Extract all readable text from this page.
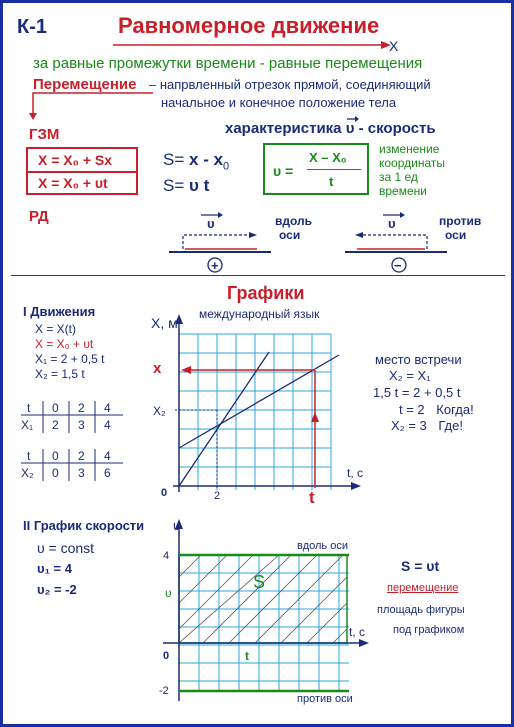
К-1	Равномерное движение
Х
за равные промежутки времени - равные перемещения
Перемещение – напрвленный отрезок прямой, соединяющий
начальное и конечное положение тела
ГЗМ
X = X₀ + Sх
X = X₀ + υt
РД
$S= x - x_0$
S= υ t
характеристика υ - скорость
υ =
X – X₀
t
изменение
координаты
за 1 ед
времени
υ
+
вдоль
оси
υ
−
против
оси
Графики
международный язык
I Движения
X = X(t)
X = X₀ + υt
X₁ = 2 + 0,5 t
X₂ = 1,5 t
t 0 2 4
X₁ 2 3 4
t 0 2 4
X₂ 0 3 6
Х, м
x
X₂
0	2	t
t, c
место встречи
X₂ = X₁
1,5 t = 2 + 0,5 t
t = 2 Когда!
X₂ = 3 Где!
II График скорости
υ = const
υ₁ = 4
υ₂ = -2
υ
4
υ
0
-2
S
t
t, c
вдоль оси
против оси
S = υt
перемещение
площадь фигуры
под графиком
